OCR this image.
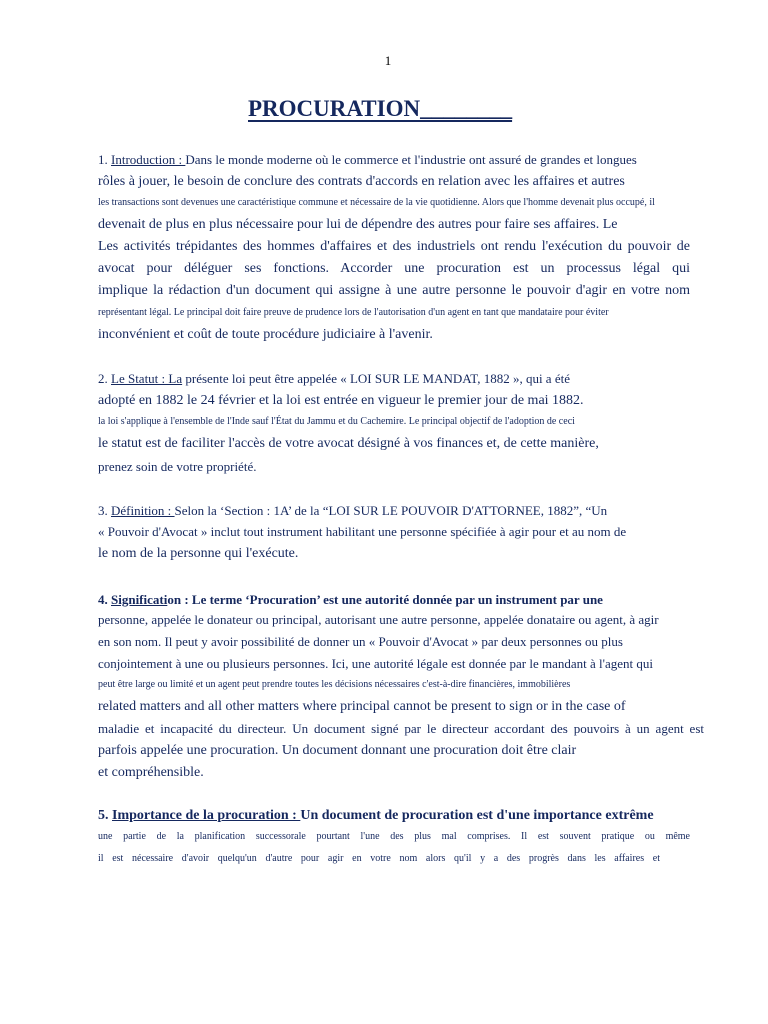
1
PROCURATION________
1. Introduction : Dans le monde moderne où le commerce et l'industrie ont assuré de grandes et longues
rôles à jouer, le besoin de conclure des contrats d'accords en relation avec les affaires et autres
les transactions sont devenues une caractéristique commune et nécessaire de la vie quotidienne. Alors que l'homme devenait plus occupé, il
devenait de plus en plus nécessaire pour lui de dépendre des autres pour faire ses affaires. Le
Les activités trépidantes des hommes d'affaires et des industriels ont rendu l'exécution du pouvoir de
avocat pour déléguer ses fonctions. Accorder une procuration est un processus légal qui
implique la rédaction d'un document qui assigne à une autre personne le pouvoir d'agir en votre nom
représentant légal. Le principal doit faire preuve de prudence lors de l'autorisation d'un agent en tant que mandataire pour éviter
inconvénient et coût de toute procédure judiciaire à l'avenir.
2. Le Statut : La présente loi peut être appelée « LOI SUR LE MANDAT, 1882 », qui a été
adopté en 1882 le 24 février et la loi est entrée en vigueur le premier jour de mai 1882.
la loi s'applique à l'ensemble de l'Inde sauf l'État du Jammu et du Cachemire. Le principal objectif de l'adoption de ceci
le statut est de faciliter l'accès de votre avocat désigné à vos finances et, de cette manière,
prenez soin de votre propriété.
3. Définition : Selon la ‘Section : 1A’ de la “LOI SUR LE POUVOIR D'ATTORNEE, 1882”, “Un
« Pouvoir d'Avocat » inclut tout instrument habilitant une personne spécifiée à agir pour et au nom de
le nom de la personne qui l'exécute.
4. Signification : Le terme ‘Procuration’ est une autorité donnée par un instrument par une
personne, appelée le donateur ou principal, autorisant une autre personne, appelée donataire ou agent, à agir
en son nom. Il peut y avoir possibilité de donner un « Pouvoir d'Avocat » par deux personnes ou plus
conjointement à une ou plusieurs personnes. Ici, une autorité légale est donnée par le mandant à l'agent qui
peut être large ou limité et un agent peut prendre toutes les décisions nécessaires c'est-à-dire financières, immobilières
related matters and all other matters where principal cannot be present to sign or in the case of
maladie et incapacité du directeur. Un document signé par le directeur accordant des pouvoirs à un agent est
parfois appelée une procuration. Un document donnant une procuration doit être clair
et compréhensible.
5. Importance de la procuration : Un document de procuration est d'une importance extrême
une partie de la planification successorale pourtant l'une des plus mal comprises. Il est souvent pratique ou même
il est nécessaire d'avoir quelqu'un d'autre pour agir en votre nom alors qu'il y a des progrès dans les affaires et
